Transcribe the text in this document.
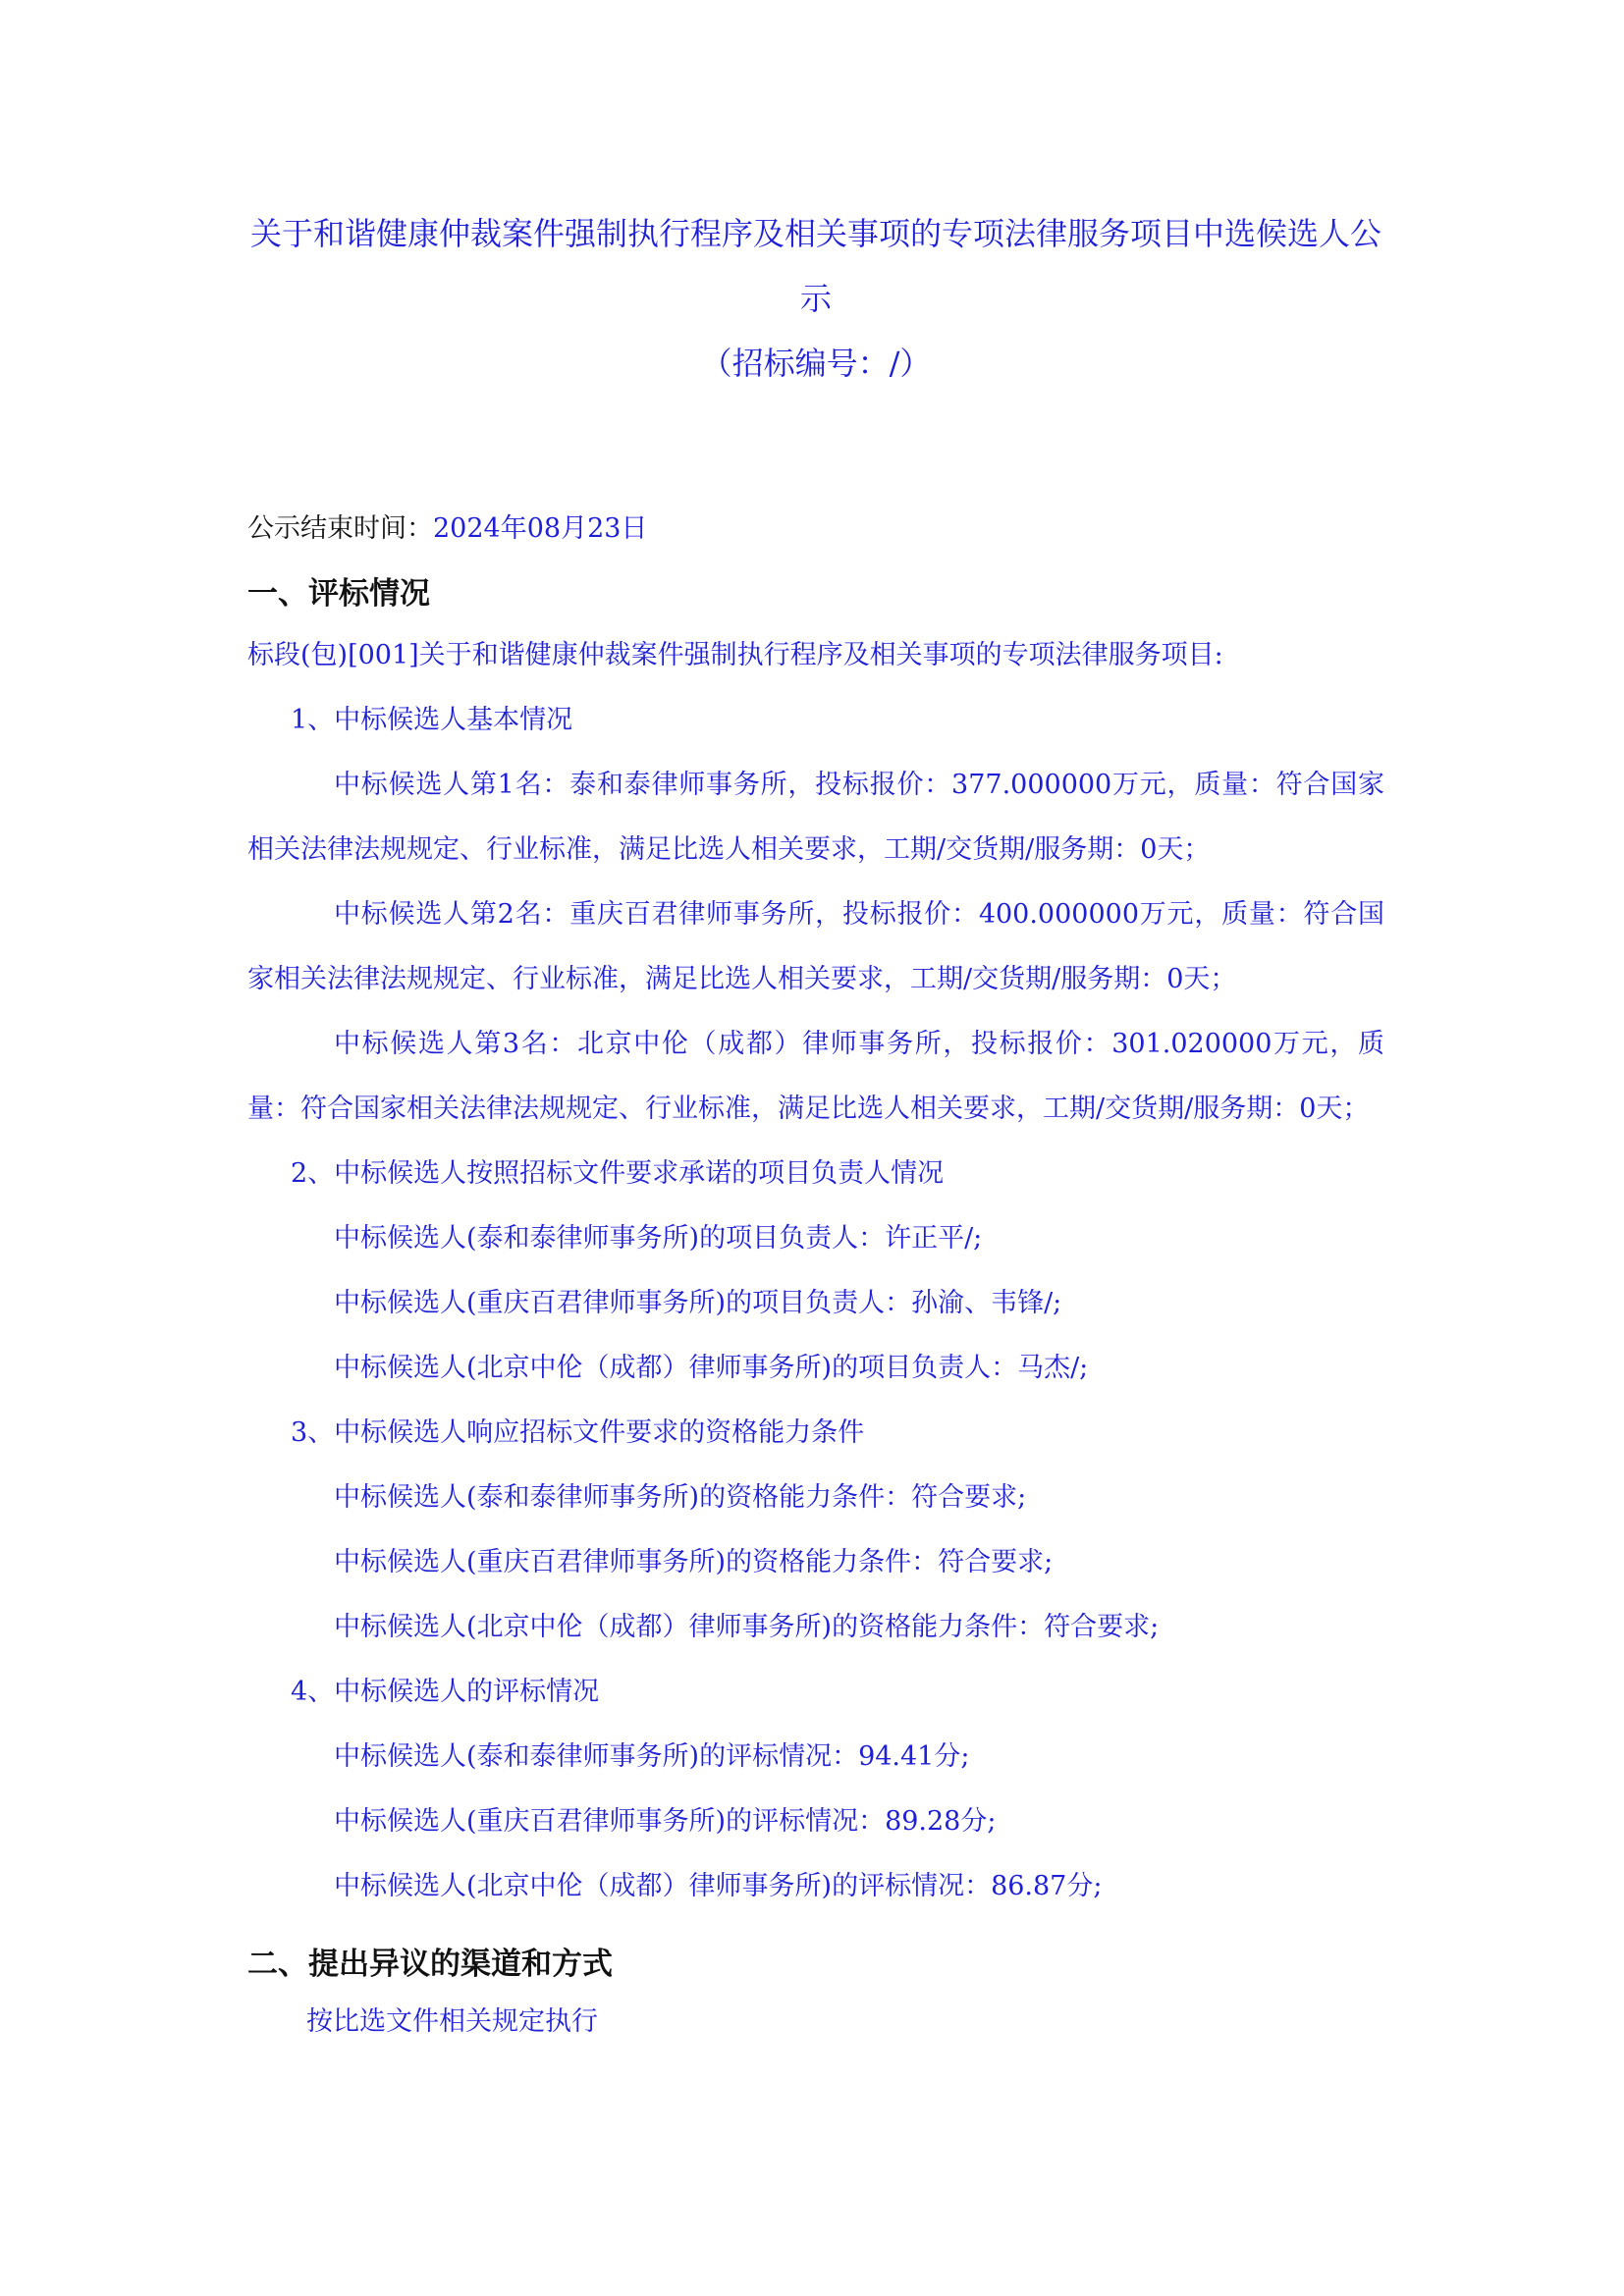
关于和谐健康仲裁案件强制执行程序及相关事项的专项法律服务项目中选候选人公示
（招标编号：/）
公示结束时间：2024年08月23日
一、评标情况
标段(包)[001]关于和谐健康仲裁案件强制执行程序及相关事项的专项法律服务项目:
1、中标候选人基本情况
中标候选人第1名：泰和泰律师事务所，投标报价：377.000000万元，质量：符合国家相关法律法规规定、行业标准，满足比选人相关要求，工期/交货期/服务期：0天；
中标候选人第2名：重庆百君律师事务所，投标报价：400.000000万元，质量：符合国家相关法律法规规定、行业标准，满足比选人相关要求，工期/交货期/服务期：0天；
中标候选人第3名：北京中伦（成都）律师事务所，投标报价：301.020000万元，质量：符合国家相关法律法规规定、行业标准，满足比选人相关要求，工期/交货期/服务期：0天；
2、中标候选人按照招标文件要求承诺的项目负责人情况
中标候选人(泰和泰律师事务所)的项目负责人：许正平/;
中标候选人(重庆百君律师事务所)的项目负责人：孙渝、韦锋/;
中标候选人(北京中伦（成都）律师事务所)的项目负责人：马杰/;
3、中标候选人响应招标文件要求的资格能力条件
中标候选人(泰和泰律师事务所)的资格能力条件：符合要求;
中标候选人(重庆百君律师事务所)的资格能力条件：符合要求;
中标候选人(北京中伦（成都）律师事务所)的资格能力条件：符合要求;
4、中标候选人的评标情况
中标候选人(泰和泰律师事务所)的评标情况：94.41分;
中标候选人(重庆百君律师事务所)的评标情况：89.28分;
中标候选人(北京中伦（成都）律师事务所)的评标情况：86.87分;
二、提出异议的渠道和方式
按比选文件相关规定执行
